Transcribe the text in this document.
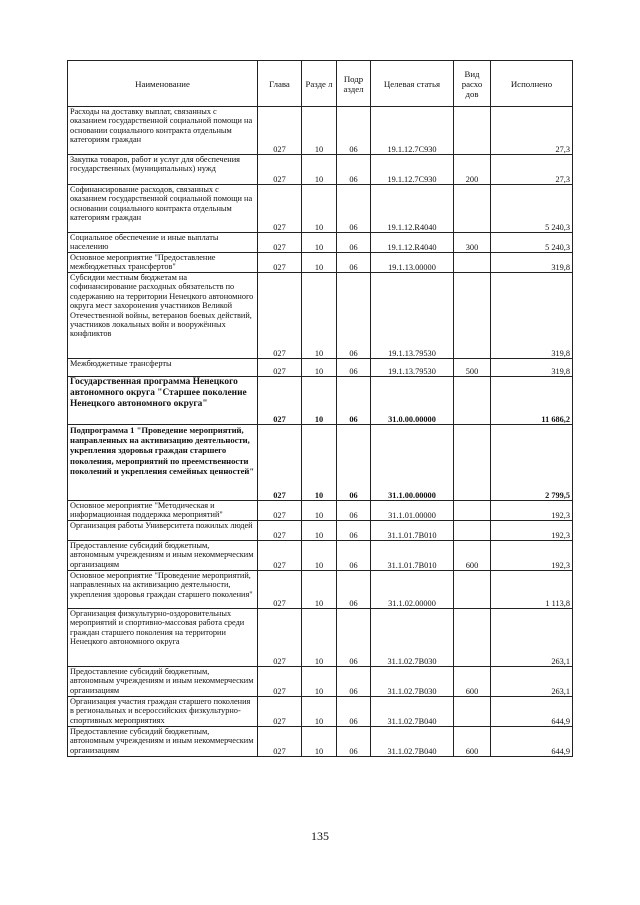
Наименование	Глава	Разде л	Подр аздел	Целевая статья	Вид расхо дов	Исполнено
Расходы на доставку выплат, связанных с оказанием государственной социальной помощи на основании социального контракта отдельным категориям граждан	027	10	06	19.1.12.7С930		27,3
Закупка товаров, работ и услуг для обеспечения государственных (муниципальных) нужд	027	10	06	19.1.12.7С930	200	27,3
Софинансирование расходов, связанных с оказанием государственной социальной помощи на основании социального контракта отдельным категориям граждан	027	10	06	19.1.12.R4040		5 240,3
Социальное обеспечение и иные выплаты населению	027	10	06	19.1.12.R4040	300	5 240,3
Основное мероприятие "Предоставление межбюджетных трансфертов"	027	10	06	19.1.13.00000		319,8
Субсидии местным бюджетам на софинансирование расходных обязательств по содержанию на территории Ненецкого автономного округа мест захоронения участников Великой Отечественной войны, ветеранов боевых действий, участников локальных войн и вооружённых конфликтов	027	10	06	19.1.13.79530		319,8
Межбюджетные трансферты	027	10	06	19.1.13.79530	500	319,8
Государственная программа Ненецкого автономного округа "Старшее поколение Ненецкого автономного округа"	027	10	06	31.0.00.00000		11 686,2
Подпрограмма 1 "Проведение мероприятий, направленных на активизацию деятельности, укрепления здоровья граждан старшего поколения, мероприятий по преемственности поколений и укрепления семейных ценностей"	027	10	06	31.1.00.00000		2 799,5
Основное мероприятие "Методическая и информационная поддержка мероприятий"	027	10	06	31.1.01.00000		192,3
Организация работы Университета пожилых людей	027	10	06	31.1.01.7В010		192,3
Предоставление субсидий бюджетным, автономным учреждениям и иным некоммерческим организациям	027	10	06	31.1.01.7В010	600	192,3
Основное мероприятие "Проведение мероприятий, направленных на активизацию деятельности, укрепления здоровья граждан старшего поколения"	027	10	06	31.1.02.00000		1 113,8
Организация физкультурно-оздоровительных мероприятий и спортивно-массовая работа среди граждан старшего поколения на территории Ненецкого автономного округа	027	10	06	31.1.02.7В030		263,1
Предоставление субсидий бюджетным, автономным учреждениям и иным некоммерческим организациям	027	10	06	31.1.02.7В030	600	263,1
Организация участия граждан старшего поколения в региональных и всероссийских физкультурно-спортивных мероприятиях	027	10	06	31.1.02.7В040		644,9
Предоставление субсидий бюджетным, автономным учреждениям и иным некоммерческим организациям	027	10	06	31.1.02.7В040	600	644,9
135
